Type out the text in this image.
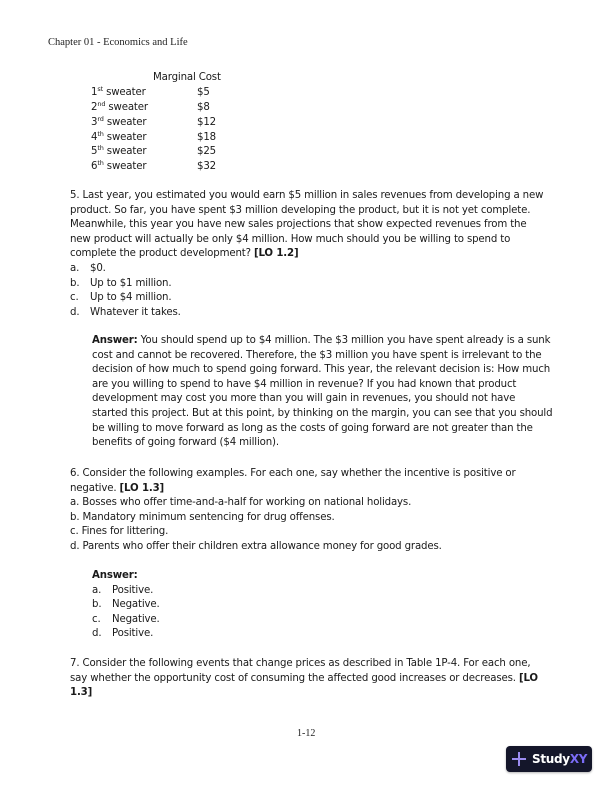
Chapter 01 - Economics and Life
Marginal Cost
1st sweater	$5
2nd sweater	$8
3rd sweater	$12
4th sweater	$18
5th sweater	$25
6th sweater	$32
5. Last year, you estimated you would earn $5 million in sales revenues from developing a new
product. So far, you have spent $3 million developing the product, but it is not yet complete.
Meanwhile, this year you have new sales projections that show expected revenues from the
new product will actually be only $4 million. How much should you be willing to spend to
complete the product development? [LO 1.2]
a. $0.
b. Up to $1 million.
c. Up to $4 million.
d. Whatever it takes.
Answer: You should spend up to $4 million. The $3 million you have spent already is a sunk
cost and cannot be recovered. Therefore, the $3 million you have spent is irrelevant to the
decision of how much to spend going forward. This year, the relevant decision is: How much
are you willing to spend to have $4 million in revenue? If you had known that product
development may cost you more than you will gain in revenues, you should not have
started this project. But at this point, by thinking on the margin, you can see that you should
be willing to move forward as long as the costs of going forward are not greater than the
benefits of going forward ($4 million).
6. Consider the following examples. For each one, say whether the incentive is positive or
negative. [LO 1.3]
a. Bosses who offer time-and-a-half for working on national holidays.
b. Mandatory minimum sentencing for drug offenses.
c. Fines for littering.
d. Parents who offer their children extra allowance money for good grades.
Answer:
a. Positive.
b. Negative.
c. Negative.
d. Positive.
7. Consider the following events that change prices as described in Table 1P-4. For each one,
say whether the opportunity cost of consuming the affected good increases or decreases. [LO
1.3]
1-12
StudyXY
